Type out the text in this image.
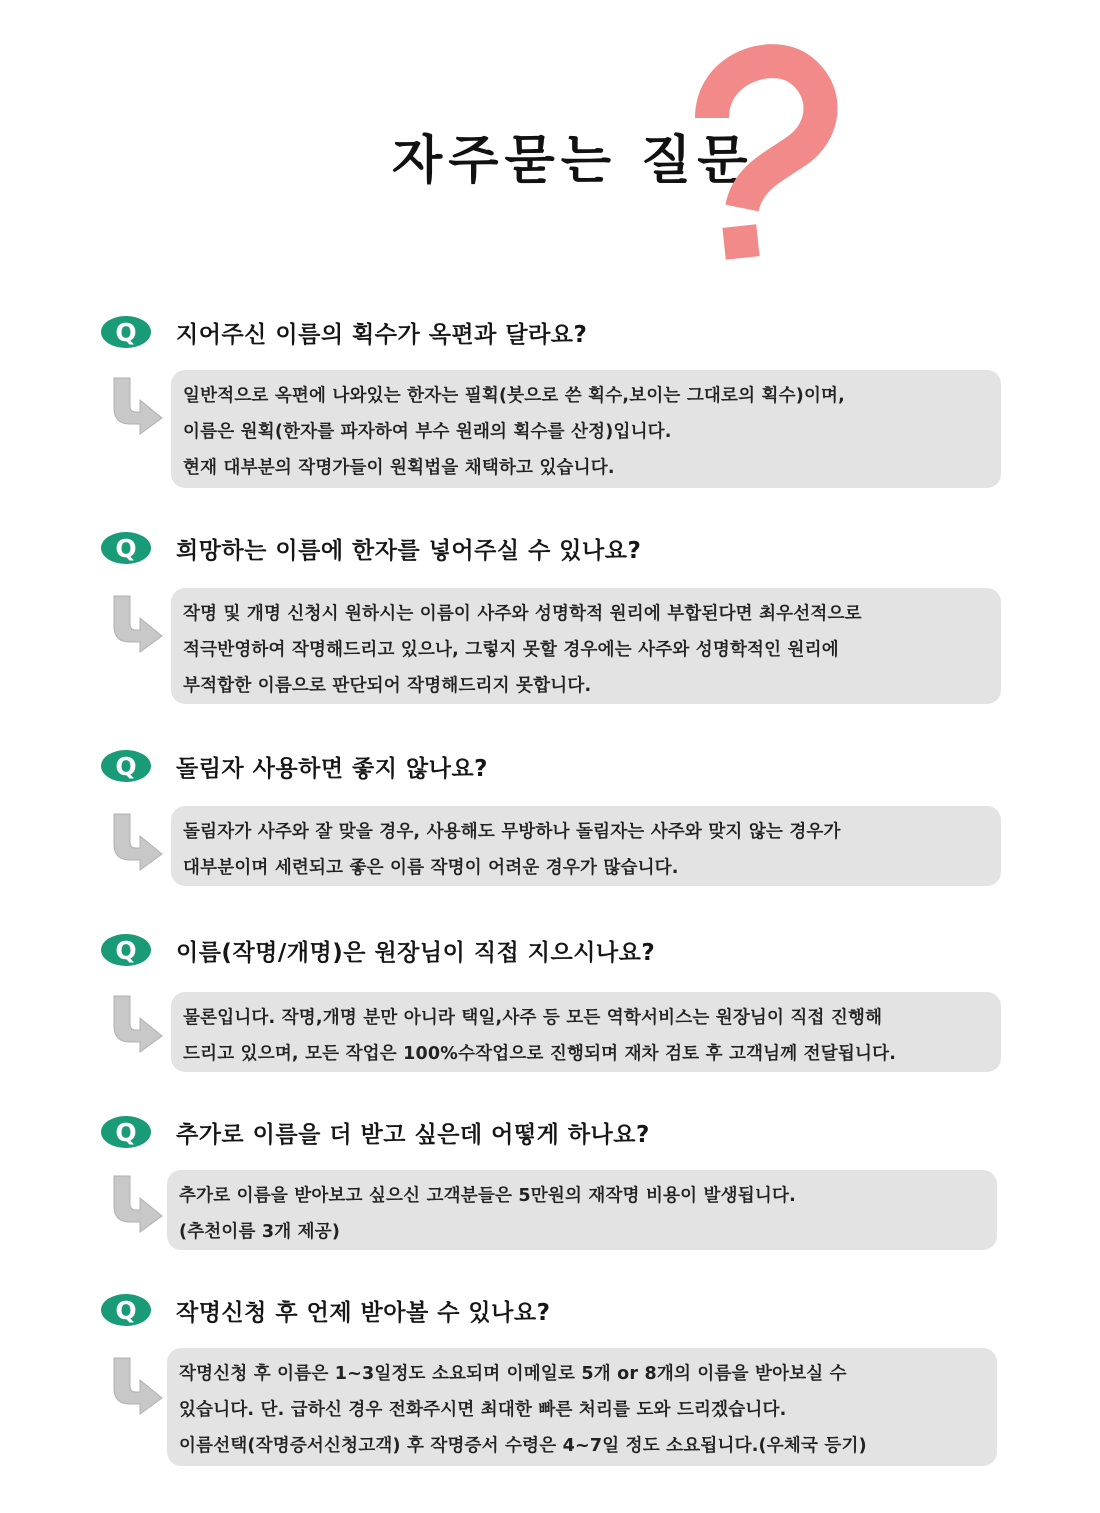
자주묻는 질문
Q 지어주신 이름의 획수가 옥편과 달라요?
일반적으로 옥편에 나와있는 한자는 필획(붓으로 쓴 획수,보이는 그대로의 획수)이며,
이름은 원획(한자를 파자하여 부수 원래의 획수를 산정)입니다.
현재 대부분의 작명가들이 원획법을 채택하고 있습니다.
Q 희망하는 이름에 한자를 넣어주실 수 있나요?
작명 및 개명 신청시 원하시는 이름이 사주와 성명학적 원리에 부합된다면 최우선적으로
적극반영하여 작명해드리고 있으나, 그렇지 못할 경우에는 사주와 성명학적인 원리에
부적합한 이름으로 판단되어 작명해드리지 못합니다.
Q 돌림자 사용하면 좋지 않나요?
돌림자가 사주와 잘 맞을 경우, 사용해도 무방하나 돌림자는 사주와 맞지 않는 경우가
대부분이며 세련되고 좋은 이름 작명이 어려운 경우가 많습니다.
Q 이름(작명/개명)은 원장님이 직접 지으시나요?
물론입니다. 작명,개명 분만 아니라 택일,사주 등 모든 역학서비스는 원장님이 직접 진행해
드리고 있으며, 모든 작업은 100%수작업으로 진행되며 재차 검토 후 고객님께 전달됩니다.
Q 추가로 이름을 더 받고 싶은데 어떻게 하나요?
추가로 이름을 받아보고 싶으신 고객분들은 5만원의 재작명 비용이 발생됩니다.
(추천이름 3개 제공)
Q 작명신청 후 언제 받아볼 수 있나요?
작명신청 후 이름은 1~3일정도 소요되며 이메일로 5개 or 8개의 이름을 받아보실 수
있습니다. 단. 급하신 경우 전화주시면 최대한 빠른 처리를 도와 드리겠습니다.
이름선택(작명증서신청고객) 후 작명증서 수령은 4~7일 정도 소요됩니다.(우체국 등기)
